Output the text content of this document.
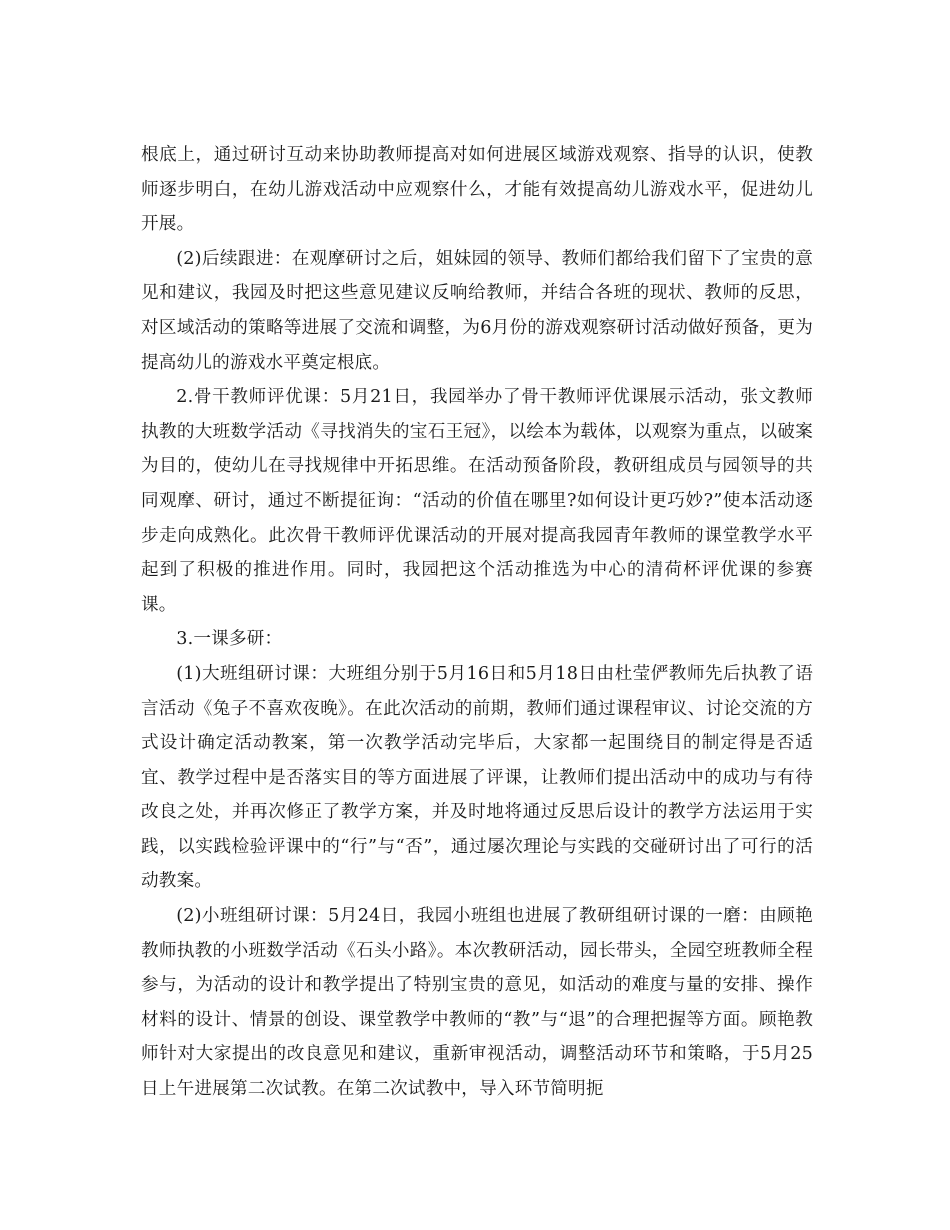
根底上，通过研讨互动来协助教师提高对如何进展区域游戏观察、指导的认识，使教师逐步明白，在幼儿游戏活动中应观察什么，才能有效提高幼儿游戏水平，促进幼儿开展。

(2)后续跟进：在观摩研讨之后，姐妹园的领导、教师们都给我们留下了宝贵的意见和建议，我园及时把这些意见建议反响给教师，并结合各班的现状、教师的反思，对区域活动的策略等进展了交流和调整，为6月份的游戏观察研讨活动做好预备，更为提高幼儿的游戏水平奠定根底。

2.骨干教师评优课：5月21日，我园举办了骨干教师评优课展示活动，张文教师执教的大班数学活动《寻找消失的宝石王冠》，以绘本为载体，以观察为重点，以破案为目的，使幼儿在寻找规律中开拓思维。在活动预备阶段，教研组成员与园领导的共同观摩、研讨，通过不断提征询：“活动的价值在哪里?如何设计更巧妙?”使本活动逐步走向成熟化。此次骨干教师评优课活动的开展对提高我园青年教师的课堂教学水平起到了积极的推进作用。同时，我园把这个活动推选为中心的清荷杯评优课的参赛课。

3.一课多研：

(1)大班组研讨课：大班组分别于5月16日和5月18日由杜莹俨教师先后执教了语言活动《兔子不喜欢夜晚》。在此次活动的前期，教师们通过课程审议、讨论交流的方式设计确定活动教案，第一次教学活动完毕后，大家都一起围绕目的制定得是否适宜、教学过程中是否落实目的等方面进展了评课，让教师们提出活动中的成功与有待改良之处，并再次修正了教学方案，并及时地将通过反思后设计的教学方法运用于实践，以实践检验评课中的“行”与“否”，通过屡次理论与实践的交碰研讨出了可行的活动教案。

(2)小班组研讨课：5月24日，我园小班组也进展了教研组研讨课的一磨：由顾艳教师执教的小班数学活动《石头小路》。本次教研活动，园长带头，全园空班教师全程参与，为活动的设计和教学提出了特别宝贵的意见，如活动的难度与量的安排、操作材料的设计、情景的创设、课堂教学中教师的“教”与“退”的合理把握等方面。顾艳教师针对大家提出的改良意见和建议，重新审视活动，调整活动环节和策略，于5月25日上午进展第二次试教。在第二次试教中，导入环节简明扼
